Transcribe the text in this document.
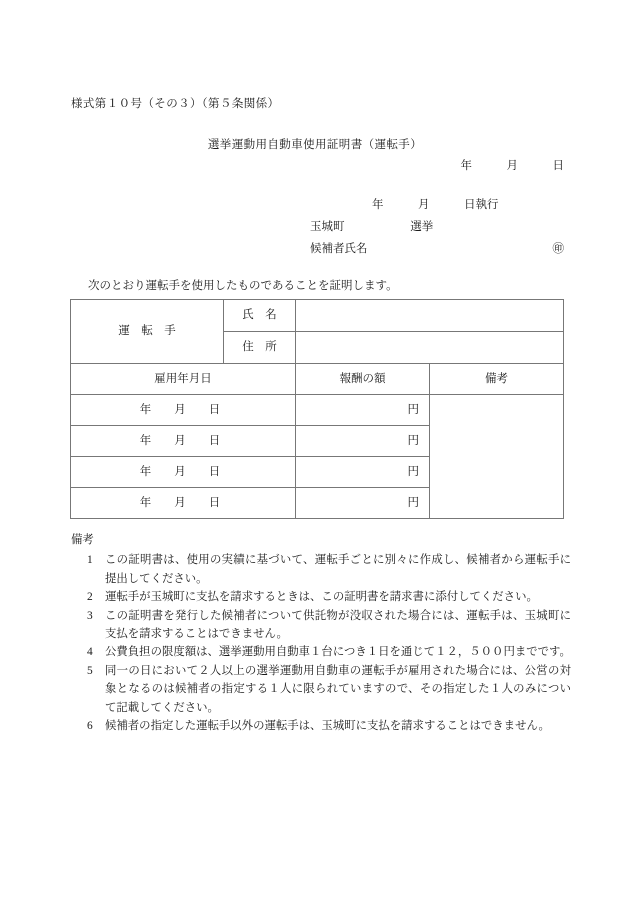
様式第１０号（その３）（第５条関係）
選挙運動用自動車使用証明書（運転手）
年　　　月　　　日
年　　　月　　　日執行
玉城町	選挙
候補者氏名	㊞
次のとおり運転手を使用したものであることを証明します。
運　転　手	氏　名		
	住　所		
雇用年月日		報酬の額	備考

年　　月　　日		円	

年　　月　　日		円	

年　　月　　日		円	

年　　月　　日		円	
備考
1 この証明書は、使用の実績に基づいて、運転手ごとに別々に作成し、候補者から運転手に提出してください。
2 運転手が玉城町に支払を請求するときは、この証明書を請求書に添付してください。
3 この証明書を発行した候補者について供託物が没収された場合には、運転手は、玉城町に支払を請求することはできません。
4 公費負担の限度額は、選挙運動用自動車１台につき１日を通じて１２，５００円までです。
5 同一の日において２人以上の選挙運動用自動車の運転手が雇用された場合には、公営の対象となるのは候補者の指定する１人に限られていますので、その指定した１人のみについて記載してください。
6 候補者の指定した運転手以外の運転手は、玉城町に支払を請求することはできません。
